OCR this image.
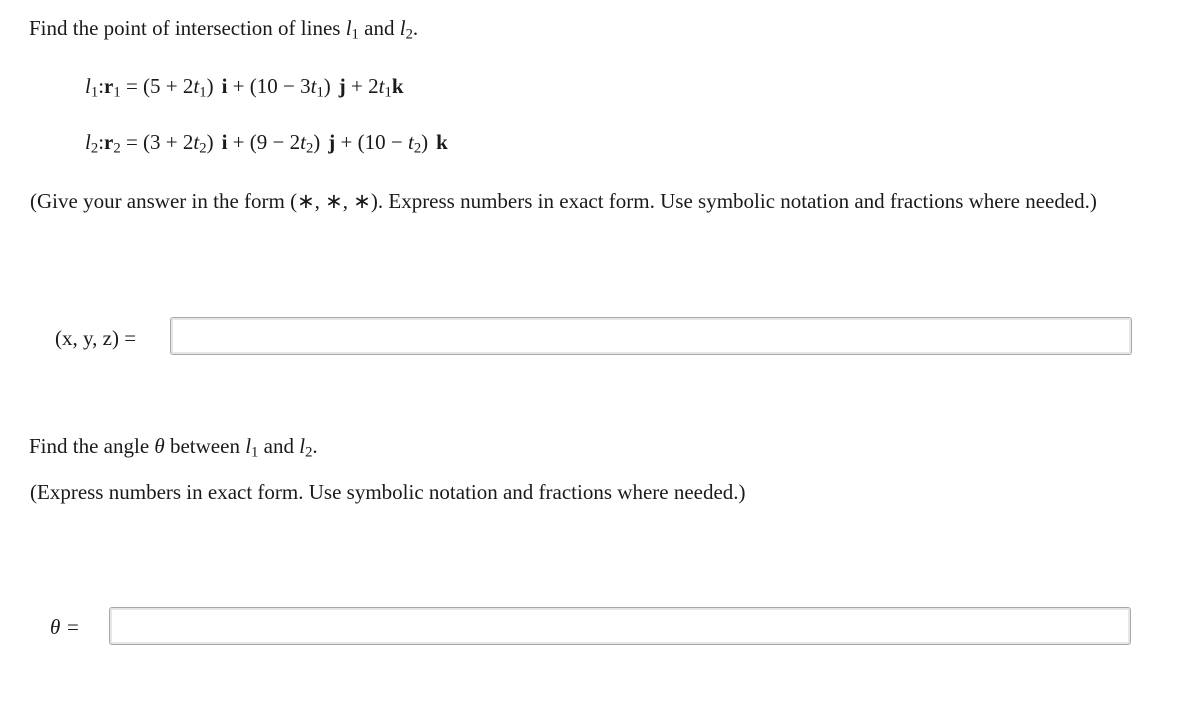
Find the point of intersection of lines $l_1$ and $l_2$.
$l_1:r_1 = (5 + 2t_1) i + (10 - 3t_1) j + 2t_1k$
$l_2:r_2 = (3 + 2t_2) i + (9 - 2t_2) j + (10 - t_2)$ k
(Give your answer in the form (∗, ∗, ∗). Express numbers in exact form. Use symbolic notation and fractions where needed.)
(x, y, z) =
Find the angle θ between $l_1$ and $l_2$.
(Express numbers in exact form. Use symbolic notation and fractions where needed.)
θ =
